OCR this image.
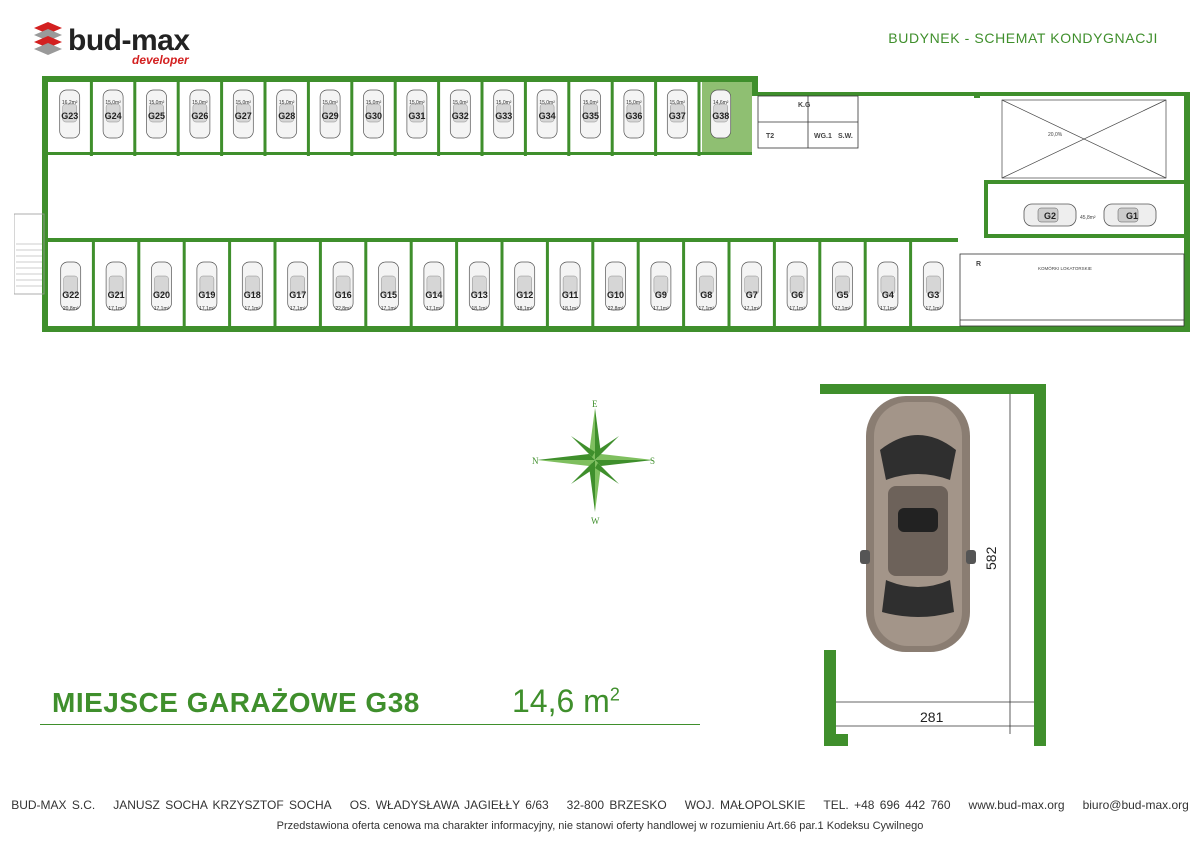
bud-max
developer
BUDYNEK - SCHEMAT KONDYGNACJI
G23
16,2m²
G24
15,0m²
G25
15,0m²
G26
15,0m²
G27
15,0m²
G28
15,0m²
G29
15,0m²
G30
15,0m²
G31
15,0m²
G32
15,0m²
G33
15,0m²
G34
15,0m²
G35
15,0m²
G36
15,0m²
G37
15,0m²
G38
14,6m²
G22
20,8m²
G21
17,1m²
G20
17,1m²
G19
17,1m²
G18
17,1m²
G17
17,1m²
G16
22,8m²
G15
17,1m²
G14
17,1m²
G13
18,1m²
G12
18,1m²
G11
18,1m²
G10
22,8m²
G9
17,1m²
G8
17,1m²
G7
17,1m²
G6
17,1m²
G5
17,1m²
G4
17,1m²
G3
17,1m²
K.G
T2	WG.1 S.W.
R
KOMÓRKI LOKATORSKIE
20,0%
G2	G1
45,8m²
E
N	S
W
582
281
MIEJSCE GARAŻOWE G38	14,6 $m^2$
BUD-MAX S.C. JANUSZ SOCHA KRZYSZTOF SOCHA OS. WŁADYSŁAWA JAGIEŁŁY 6/63 32-800 BRZESKO WOJ. MAŁOPOLSKIE TEL. +48 696 442 760 www.bud-max.org biuro@bud-max.org
Przedstawiona oferta cenowa ma charakter informacyjny, nie stanowi oferty handlowej w rozumieniu Art.66 par.1 Kodeksu Cywilnego
